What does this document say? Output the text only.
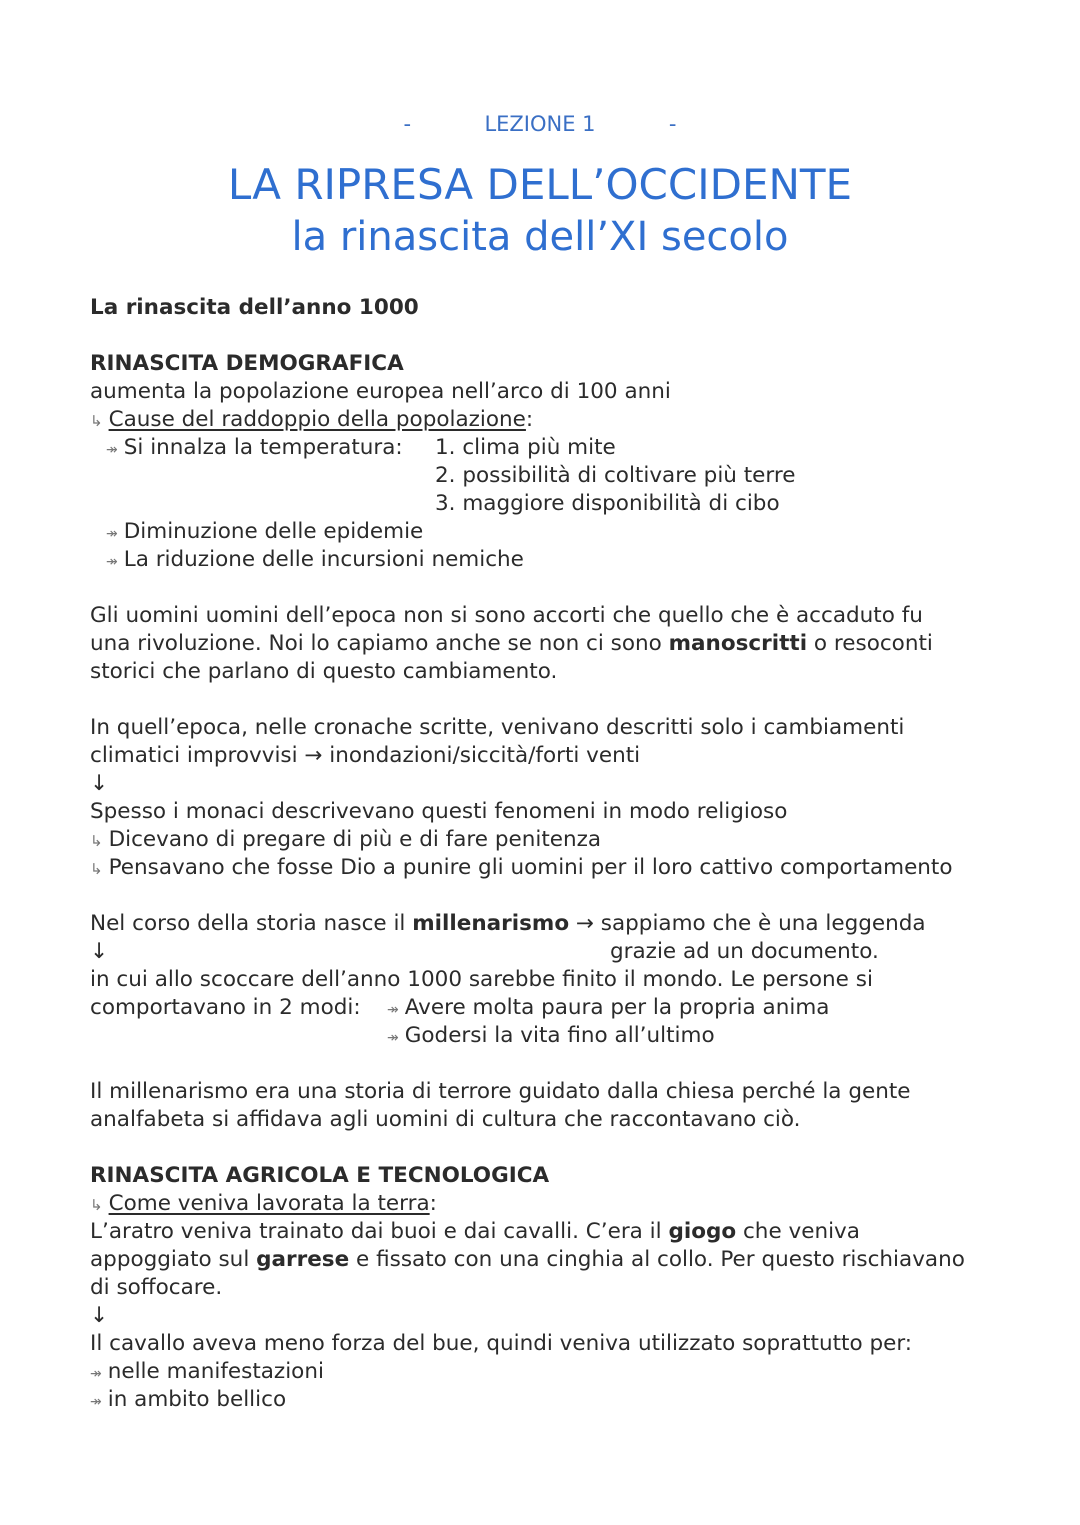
-	LEZIONE 1	-
LA RIPRESA DELL’OCCIDENTE
la rinascita dell’XI secolo
La rinascita dell’anno 1000
RINASCITA DEMOGRAFICA
aumenta la popolazione europea nell’arco di 100 anni
↳ Cause del raddoppio della popolazione:
↠ Si innalza la temperatura: 1. clima più mite
2. possibilità di coltivare più terre
3. maggiore disponibilità di cibo
↠ Diminuzione delle epidemie
↠ La riduzione delle incursioni nemiche
Gli uomini uomini dell’epoca non si sono accorti che quello che è accaduto fu
una rivoluzione. Noi lo capiamo anche se non ci sono manoscritti o resoconti
storici che parlano di questo cambiamento.
In quell’epoca, nelle cronache scritte, venivano descritti solo i cambiamenti
climatici improvvisi → inondazioni/siccità/forti venti
↓
Spesso i monaci descrivevano questi fenomeni in modo religioso
↳ Dicevano di pregare di più e di fare penitenza
↳ Pensavano che fosse Dio a punire gli uomini per il loro cattivo comportamento
Nel corso della storia nasce il millenarismo → sappiamo che è una leggenda
↓	grazie ad un documento.
in cui allo scoccare dell’anno 1000 sarebbe finito il mondo. Le persone si
comportavano in 2 modi: ↠ Avere molta paura per la propria anima
↠ Godersi la vita fino all’ultimo
Il millenarismo era una storia di terrore guidato dalla chiesa perché la gente
analfabeta si affidava agli uomini di cultura che raccontavano ciò.
RINASCITA AGRICOLA E TECNOLOGICA
↳ Come veniva lavorata la terra:
L’aratro veniva trainato dai buoi e dai cavalli. C’era il giogo che veniva
appoggiato sul garrese e fissato con una cinghia al collo. Per questo rischiavano
di soffocare.
↓
Il cavallo aveva meno forza del bue, quindi veniva utilizzato soprattutto per:
↠ nelle manifestazioni
↠ in ambito bellico
